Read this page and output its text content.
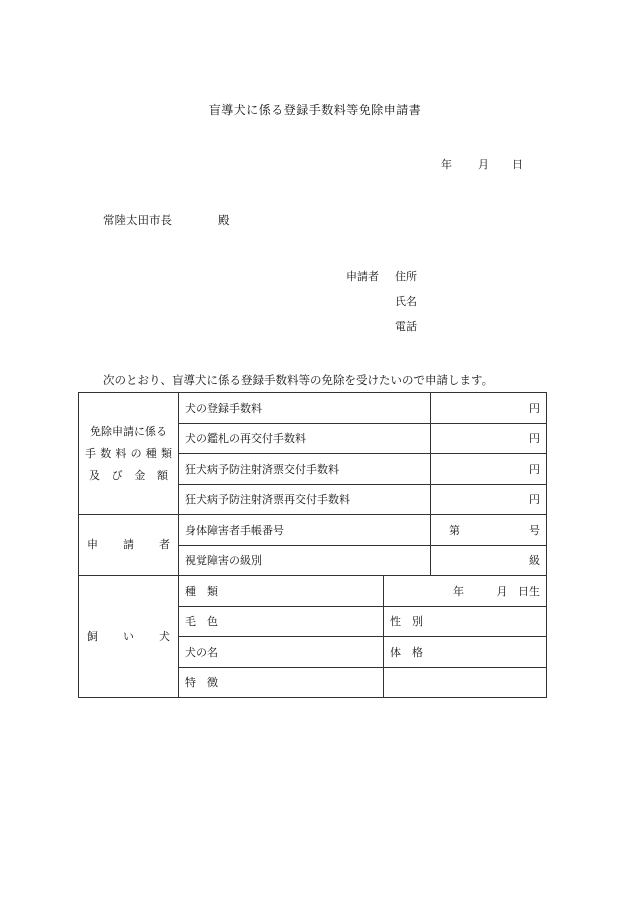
盲導犬に係る登録手数料等免除申請書
年 月 日
常陸太田市長	殿
申請者 住所
氏名
電話
次のとおり、盲導犬に係る登録手数料等の免除を受けたいので申請します。
免除申請に係る

手数料の種類
及び金額	犬の登録手数料		円
	犬の鑑札の再交付手数料		円
	狂犬病予防注射済票交付手数料		円
	狂犬病予防注射済票再交付手数料		円

申請者	身体障害者手帳番号		第 号

	視覚障害の級別		級

飼い犬	種　類	年 月 日生	

	毛　色	性　別	
	犬の名	体　格	
	特　徴		
